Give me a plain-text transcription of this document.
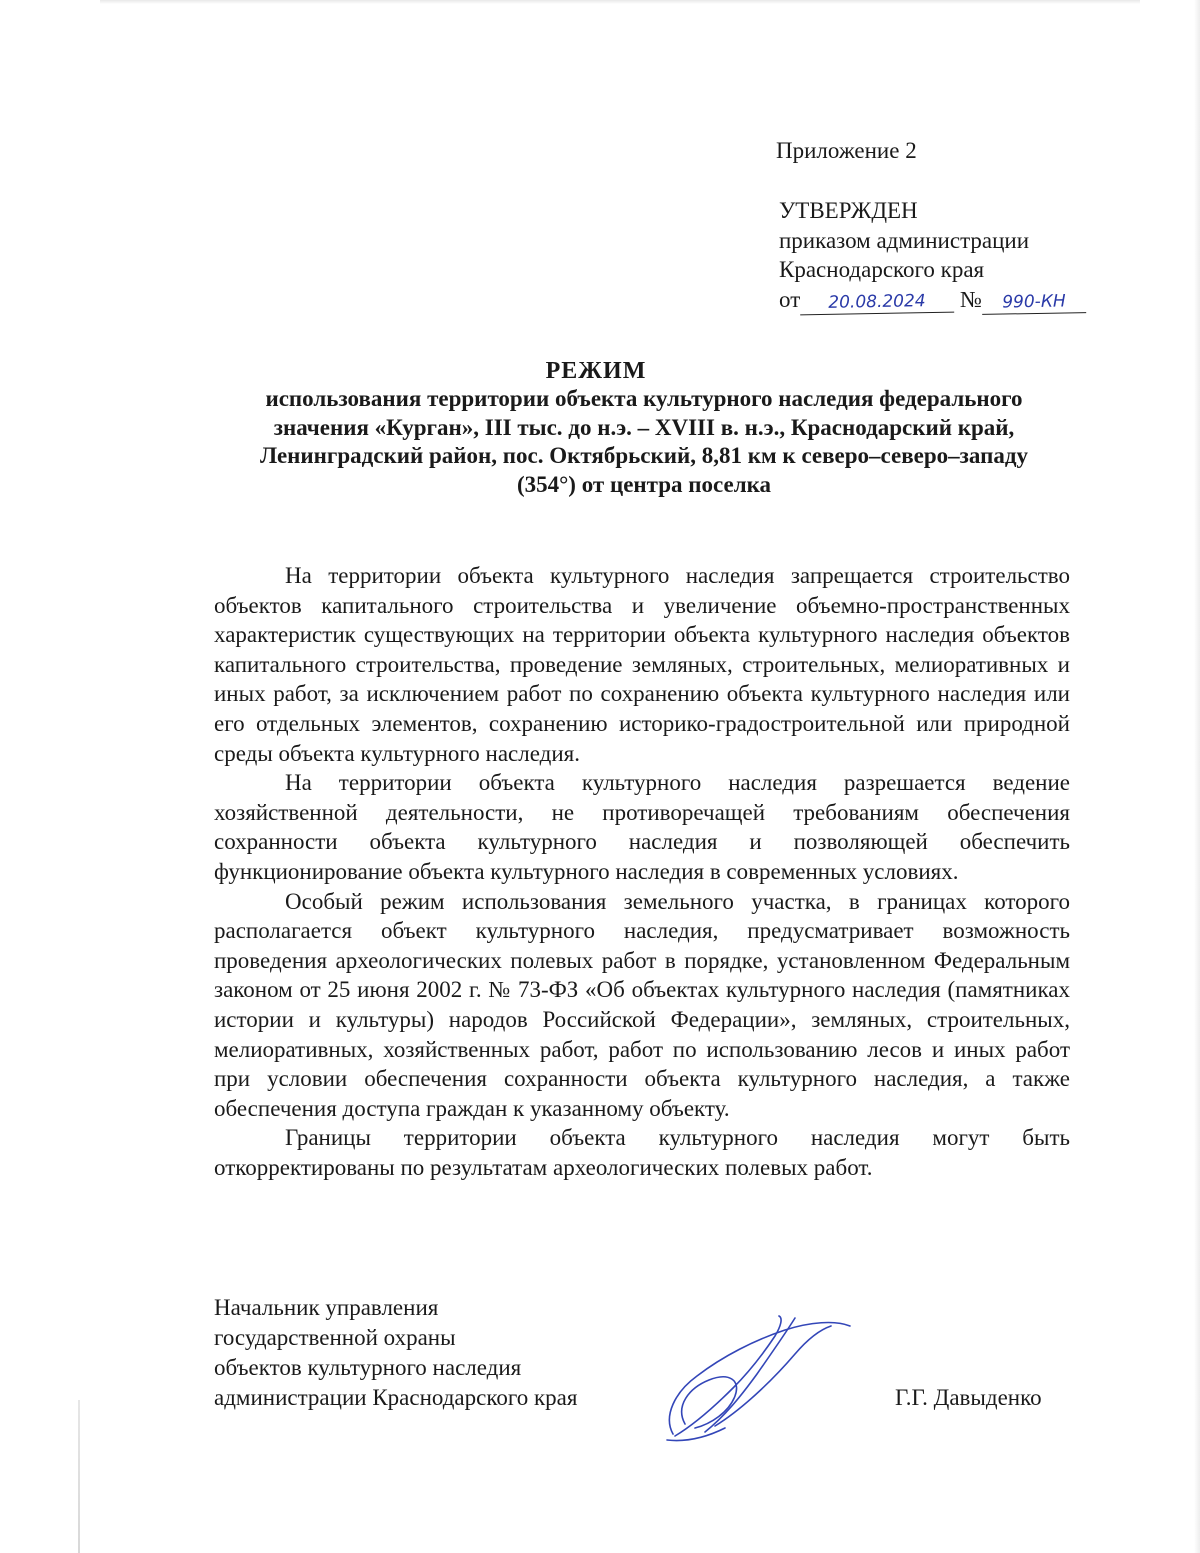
Приложение 2
УТВЕРЖДЕН
приказом администрации
Краснодарского края
от 20.08.2024 № 990-КН
РЕЖИМ
использования территории объекта культурного наследия федерального
значения «Курган», III тыс. до н.э. – XVIII в. н.э., Краснодарский край,
Ленинградский район, пос. Октябрьский, 8,81 км к северо–северо–западу
(354°) от центра поселка

На территории объекта культурного наследия запрещается строительство объектов капитального строительства и увеличение объемно-пространственных характеристик существующих на территории объекта культурного наследия объектов капитального строительства, проведение земляных, строительных, мелиоративных и иных работ, за исключением работ по сохранению объекта культурного наследия или его отдельных элементов, сохранению историко-градостроительной или природной среды объекта культурного наследия.

На территории объекта культурного наследия разрешается ведение хозяйственной деятельности, не противоречащей требованиям обеспечения сохранности объекта культурного наследия и позволяющей обеспечить функционирование объекта культурного наследия в современных условиях.

Особый режим использования земельного участка, в границах которого располагается объект культурного наследия, предусматривает возможность проведения археологических полевых работ в порядке, установленном Федеральным законом от 25 июня 2002 г. № 73-ФЗ «Об объектах культурного наследия (памятниках истории и культуры) народов Российской Федерации», земляных, строительных, мелиоративных, хозяйственных работ, работ по использованию лесов и иных работ при условии обеспечения сохранности объекта культурного наследия, а также обеспечения доступа граждан к указанному объекту.

Границы территории объекта культурного наследия могут быть откорректированы по результатам археологических полевых работ.

Начальник управления
государственной охраны
объектов культурного наследия
администрации Краснодарского края	Г.Г. Давыденко
